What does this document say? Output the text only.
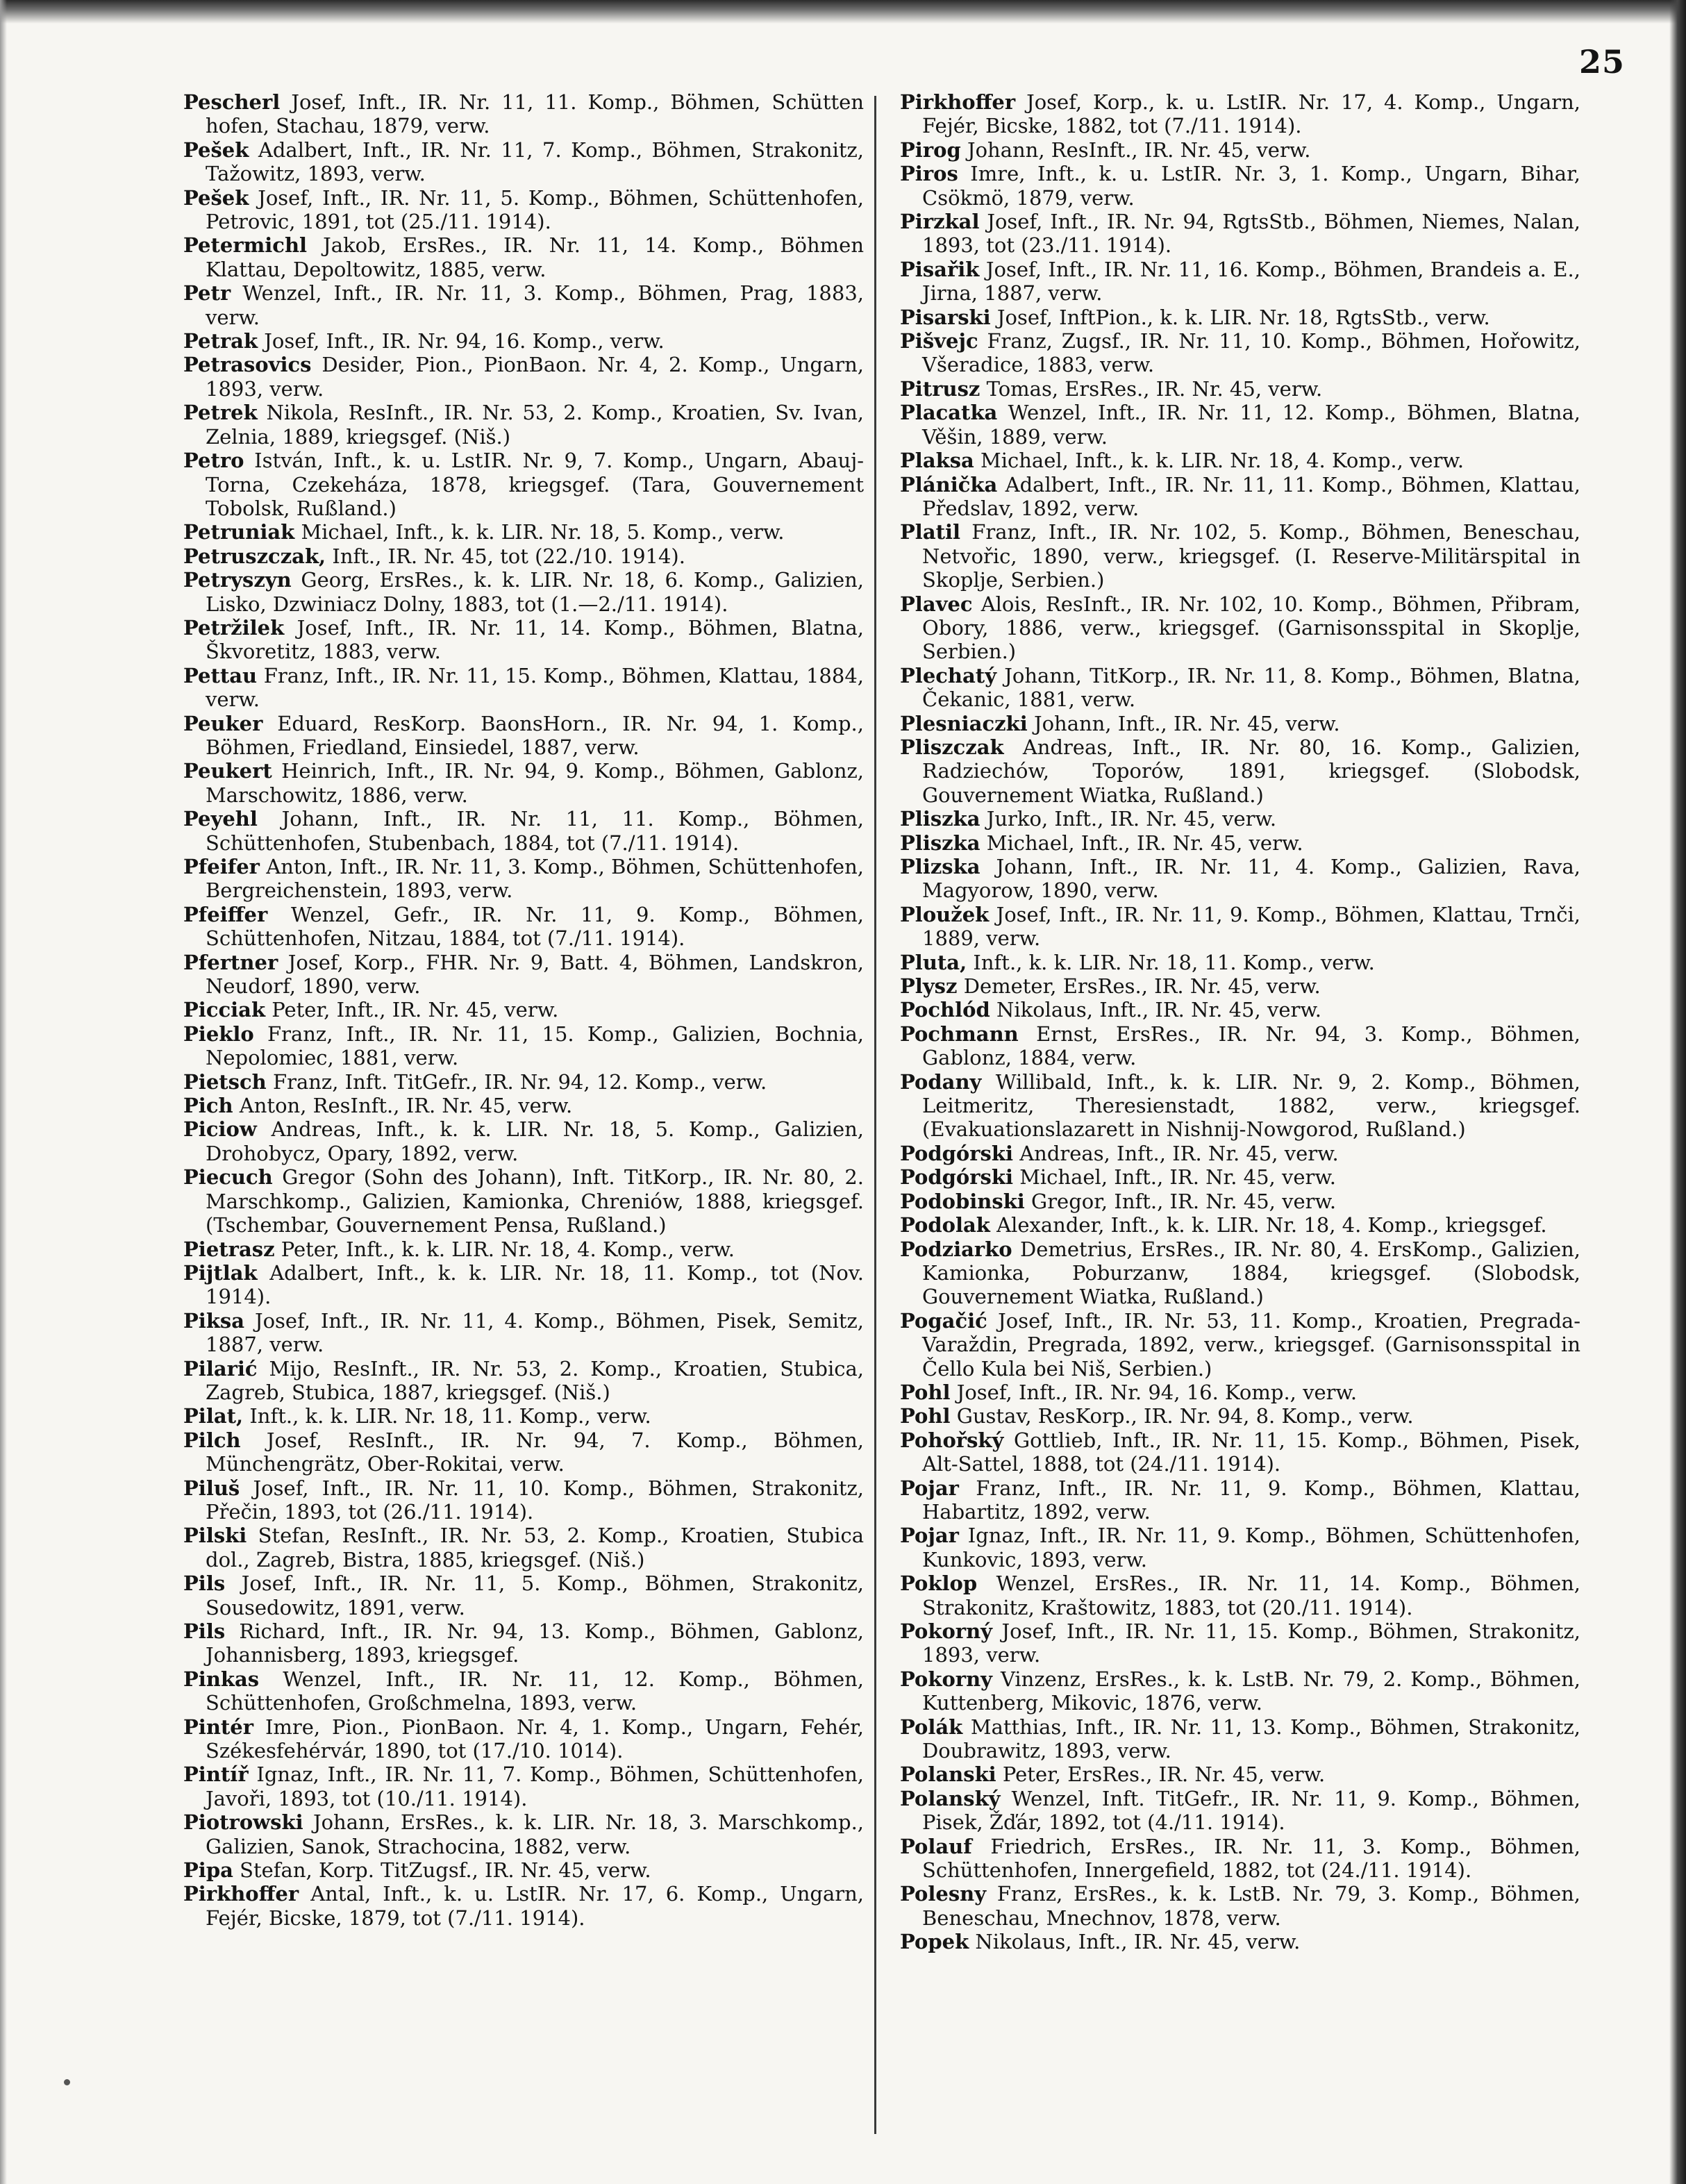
25

Pescherl Josef, Inft., IR. Nr. 11, 11. Komp., Böhmen, Schütten hofen, Stachau, 1879, verw.

Pešek Adalbert, Inft., IR. Nr. 11, 7. Komp., Böhmen, Strakonitz, Tažowitz, 1893, verw.

Pešek Josef, Inft., IR. Nr. 11, 5. Komp., Böhmen, Schüttenhofen, Petrovic, 1891, tot (25./11. 1914).

Petermichl Jakob, ErsRes., IR. Nr. 11, 14. Komp., Böhmen Klattau, Depoltowitz, 1885, verw.

Petr Wenzel, Inft., IR. Nr. 11, 3. Komp., Böhmen, Prag, 1883, verw.

Petrak Josef, Inft., IR. Nr. 94, 16. Komp., verw.

Petrasovics Desider, Pion., PionBaon. Nr. 4, 2. Komp., Ungarn, 1893, verw.

Petrek Nikola, ResInft., IR. Nr. 53, 2. Komp., Kroatien, Sv. Ivan, Zelnia, 1889, kriegsgef. (Niš.)

Petro István, Inft., k. u. LstIR. Nr. 9, 7. Komp., Ungarn, Abauj-Torna, Czekeháza, 1878, kriegsgef. (Tara, Gouvernement Tobolsk, Rußland.)

Petruniak Michael, Inft., k. k. LIR. Nr. 18, 5. Komp., verw.

Petruszczak, Inft., IR. Nr. 45, tot (22./10. 1914).

Petryszyn Georg, ErsRes., k. k. LIR. Nr. 18, 6. Komp., Galizien, Lisko, Dzwiniacz Dolny, 1883, tot (1.—2./11. 1914).

Petržilek Josef, Inft., IR. Nr. 11, 14. Komp., Böhmen, Blatna, Škvoretitz, 1883, verw.

Pettau Franz, Inft., IR. Nr. 11, 15. Komp., Böhmen, Klattau, 1884, verw.

Peuker Eduard, ResKorp. BaonsHorn., IR. Nr. 94, 1. Komp., Böhmen, Friedland, Einsiedel, 1887, verw.

Peukert Heinrich, Inft., IR. Nr. 94, 9. Komp., Böhmen, Gablonz, Marschowitz, 1886, verw.

Peyehl Johann, Inft., IR. Nr. 11, 11. Komp., Böhmen, Schüttenhofen, Stubenbach, 1884, tot (7./11. 1914).

Pfeifer Anton, Inft., IR. Nr. 11, 3. Komp., Böhmen, Schüttenhofen, Bergreichenstein, 1893, verw.

Pfeiffer Wenzel, Gefr., IR. Nr. 11, 9. Komp., Böhmen, Schüttenhofen, Nitzau, 1884, tot (7./11. 1914).

Pfertner Josef, Korp., FHR. Nr. 9, Batt. 4, Böhmen, Landskron, Neudorf, 1890, verw.

Picciak Peter, Inft., IR. Nr. 45, verw.

Pieklo Franz, Inft., IR. Nr. 11, 15. Komp., Galizien, Bochnia, Nepolomiec, 1881, verw.

Pietsch Franz, Inft. TitGefr., IR. Nr. 94, 12. Komp., verw.

Pich Anton, ResInft., IR. Nr. 45, verw.

Piciow Andreas, Inft., k. k. LIR. Nr. 18, 5. Komp., Galizien, Drohobycz, Opary, 1892, verw.

Piecuch Gregor (Sohn des Johann), Inft. TitKorp., IR. Nr. 80, 2. Marschkomp., Galizien, Kamionka, Chreniów, 1888, kriegsgef. (Tschembar, Gouvernement Pensa, Rußland.)

Pietrasz Peter, Inft., k. k. LIR. Nr. 18, 4. Komp., verw.

Pijtlak Adalbert, Inft., k. k. LIR. Nr. 18, 11. Komp., tot (Nov. 1914).

Piksa Josef, Inft., IR. Nr. 11, 4. Komp., Böhmen, Pisek, Semitz, 1887, verw.

Pilarić Mijo, ResInft., IR. Nr. 53, 2. Komp., Kroatien, Stubica, Zagreb, Stubica, 1887, kriegsgef. (Niš.)

Pilat, Inft., k. k. LIR. Nr. 18, 11. Komp., verw.

Pilch Josef, ResInft., IR. Nr. 94, 7. Komp., Böhmen, Münchengrätz, Ober-Rokitai, verw.

Piluš Josef, Inft., IR. Nr. 11, 10. Komp., Böhmen, Strakonitz, Přečin, 1893, tot (26./11. 1914).

Pilski Stefan, ResInft., IR. Nr. 53, 2. Komp., Kroatien, Stubica dol., Zagreb, Bistra, 1885, kriegsgef. (Niš.)

Pils Josef, Inft., IR. Nr. 11, 5. Komp., Böhmen, Strakonitz, Sousedowitz, 1891, verw.

Pils Richard, Inft., IR. Nr. 94, 13. Komp., Böhmen, Gablonz, Johannisberg, 1893, kriegsgef.

Pinkas Wenzel, Inft., IR. Nr. 11, 12. Komp., Böhmen, Schüttenhofen, Großchmelna, 1893, verw.

Pintér Imre, Pion., PionBaon. Nr. 4, 1. Komp., Ungarn, Fehér, Székesfehérvár, 1890, tot (17./10. 1014).

Pintíř Ignaz, Inft., IR. Nr. 11, 7. Komp., Böhmen, Schüttenhofen, Javoři, 1893, tot (10./11. 1914).

Piotrowski Johann, ErsRes., k. k. LIR. Nr. 18, 3. Marschkomp., Galizien, Sanok, Strachocina, 1882, verw.

Pipa Stefan, Korp. TitZugsf., IR. Nr. 45, verw.

Pirkhoffer Antal, Inft., k. u. LstIR. Nr. 17, 6. Komp., Ungarn, Fejér, Bicske, 1879, tot (7./11. 1914).

Pirkhoffer Josef, Korp., k. u. LstIR. Nr. 17, 4. Komp., Ungarn, Fejér, Bicske, 1882, tot (7./11. 1914).

Pirog Johann, ResInft., IR. Nr. 45, verw.

Piros Imre, Inft., k. u. LstIR. Nr. 3, 1. Komp., Ungarn, Bihar, Csökmö, 1879, verw.

Pirzkal Josef, Inft., IR. Nr. 94, RgtsStb., Böhmen, Niemes, Nalan, 1893, tot (23./11. 1914).

Pisařik Josef, Inft., IR. Nr. 11, 16. Komp., Böhmen, Brandeis a. E., Jirna, 1887, verw.

Pisarski Josef, InftPion., k. k. LIR. Nr. 18, RgtsStb., verw.

Pišvejc Franz, Zugsf., IR. Nr. 11, 10. Komp., Böhmen, Hořowitz, Všeradice, 1883, verw.

Pitrusz Tomas, ErsRes., IR. Nr. 45, verw.

Placatka Wenzel, Inft., IR. Nr. 11, 12. Komp., Böhmen, Blatna, Věšin, 1889, verw.

Plaksa Michael, Inft., k. k. LIR. Nr. 18, 4. Komp., verw.

Plánička Adalbert, Inft., IR. Nr. 11, 11. Komp., Böhmen, Klattau, Předslav, 1892, verw.

Platil Franz, Inft., IR. Nr. 102, 5. Komp., Böhmen, Beneschau, Netvořic, 1890, verw., kriegsgef. (I. Reserve-Militärspital in Skoplje, Serbien.)

Plavec Alois, ResInft., IR. Nr. 102, 10. Komp., Böhmen, Přibram, Obory, 1886, verw., kriegsgef. (Garnisonsspital in Skoplje, Serbien.)

Plechatý Johann, TitKorp., IR. Nr. 11, 8. Komp., Böhmen, Blatna, Čekanic, 1881, verw.

Plesniaczki Johann, Inft., IR. Nr. 45, verw.

Pliszczak Andreas, Inft., IR. Nr. 80, 16. Komp., Galizien, Radziechów, Toporów, 1891, kriegsgef. (Slobodsk, Gouvernement Wiatka, Rußland.)

Pliszka Jurko, Inft., IR. Nr. 45, verw.

Pliszka Michael, Inft., IR. Nr. 45, verw.

Plizska Johann, Inft., IR. Nr. 11, 4. Komp., Galizien, Rava, Magyorow, 1890, verw.

Ploužek Josef, Inft., IR. Nr. 11, 9. Komp., Böhmen, Klattau, Trnči, 1889, verw.

Pluta, Inft., k. k. LIR. Nr. 18, 11. Komp., verw.

Plysz Demeter, ErsRes., IR. Nr. 45, verw.

Pochlód Nikolaus, Inft., IR. Nr. 45, verw.

Pochmann Ernst, ErsRes., IR. Nr. 94, 3. Komp., Böhmen, Gablonz, 1884, verw.

Podany Willibald, Inft., k. k. LIR. Nr. 9, 2. Komp., Böhmen, Leitmeritz, Theresienstadt, 1882, verw., kriegsgef. (Evakuationslazarett in Nishnij-Nowgorod, Rußland.)

Podgórski Andreas, Inft., IR. Nr. 45, verw.

Podgórski Michael, Inft., IR. Nr. 45, verw.

Podobinski Gregor, Inft., IR. Nr. 45, verw.

Podolak Alexander, Inft., k. k. LIR. Nr. 18, 4. Komp., kriegsgef.

Podziarko Demetrius, ErsRes., IR. Nr. 80, 4. ErsKomp., Galizien, Kamionka, Poburzanw, 1884, kriegsgef. (Slobodsk, Gouvernement Wiatka, Rußland.)

Pogačić Josef, Inft., IR. Nr. 53, 11. Komp., Kroatien, Pregrada-Varaždin, Pregrada, 1892, verw., kriegsgef. (Garnisonsspital in Čello Kula bei Niš, Serbien.)

Pohl Josef, Inft., IR. Nr. 94, 16. Komp., verw.

Pohl Gustav, ResKorp., IR. Nr. 94, 8. Komp., verw.

Pohořský Gottlieb, Inft., IR. Nr. 11, 15. Komp., Böhmen, Pisek, Alt-Sattel, 1888, tot (24./11. 1914).

Pojar Franz, Inft., IR. Nr. 11, 9. Komp., Böhmen, Klattau, Habartitz, 1892, verw.

Pojar Ignaz, Inft., IR. Nr. 11, 9. Komp., Böhmen, Schüttenhofen, Kunkovic, 1893, verw.

Poklop Wenzel, ErsRes., IR. Nr. 11, 14. Komp., Böhmen, Strakonitz, Kraštowitz, 1883, tot (20./11. 1914).

Pokorný Josef, Inft., IR. Nr. 11, 15. Komp., Böhmen, Strakonitz, 1893, verw.

Pokorny Vinzenz, ErsRes., k. k. LstB. Nr. 79, 2. Komp., Böhmen, Kuttenberg, Mikovic, 1876, verw.

Polák Matthias, Inft., IR. Nr. 11, 13. Komp., Böhmen, Strakonitz, Doubrawitz, 1893, verw.

Polanski Peter, ErsRes., IR. Nr. 45, verw.

Polanský Wenzel, Inft. TitGefr., IR. Nr. 11, 9. Komp., Böhmen, Pisek, Žďár, 1892, tot (4./11. 1914).

Polauf Friedrich, ErsRes., IR. Nr. 11, 3. Komp., Böhmen, Schüttenhofen, Innergefield, 1882, tot (24./11. 1914).

Polesny Franz, ErsRes., k. k. LstB. Nr. 79, 3. Komp., Böhmen, Beneschau, Mnechnov, 1878, verw.

Popek Nikolaus, Inft., IR. Nr. 45, verw.
